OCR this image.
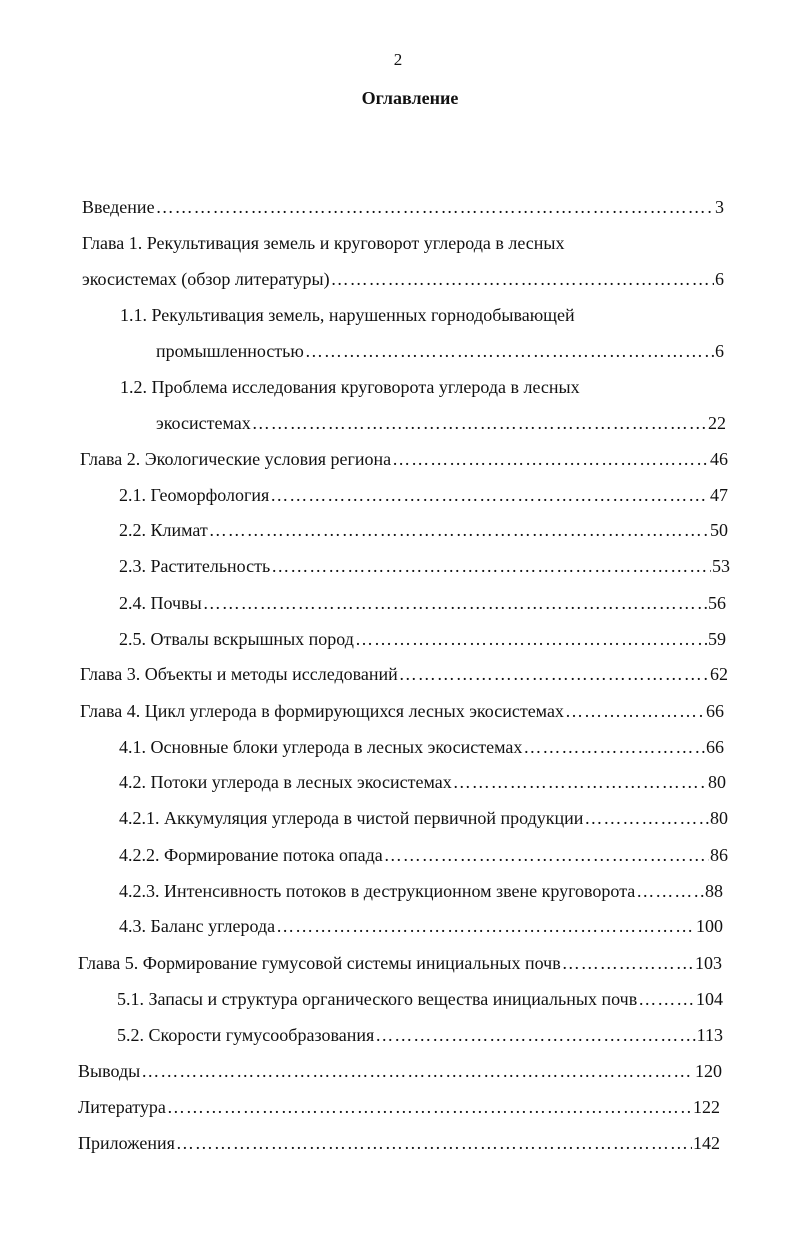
2
Оглавление
Введение ……………………………………………………………………………………………………………………………………………………………………………………	3
Глава 1. Рекультивация земель и круговорот углерода в лесных
экосистемах (обзор литературы) ……………………………………………………………………………………………………………………………………………………………………………………	6
1.1. Рекультивация земель, нарушенных горнодобывающей
промышленностью ……………………………………………………………………………………………………………………………………………………………………………………	6
1.2. Проблема исследования круговорота углерода в лесных
экосистемах ……………………………………………………………………………………………………………………………………………………………………………………	22
Глава 2. Экологические условия региона ……………………………………………………………………………………………………………………………………………………………………………………	46
2.1. Геоморфология ……………………………………………………………………………………………………………………………………………………………………………………	47
2.2. Климат ……………………………………………………………………………………………………………………………………………………………………………………	50
2.3. Растительность ……………………………………………………………………………………………………………………………………………………………………………………	53
2.4. Почвы ……………………………………………………………………………………………………………………………………………………………………………………	56
2.5. Отвалы вскрышных пород ……………………………………………………………………………………………………………………………………………………………………………………	59
Глава 3. Объекты и методы исследований ……………………………………………………………………………………………………………………………………………………………………………………	62
Глава 4. Цикл углерода в формирующихся лесных экосистемах ……………………………………………………………………………………………………………………………………………………………………………………	66
4.1. Основные блоки углерода в лесных экосистемах ……………………………………………………………………………………………………………………………………………………………………………………	66
4.2. Потоки углерода в лесных экосистемах ……………………………………………………………………………………………………………………………………………………………………………………	80
4.2.1. Аккумуляция углерода в чистой первичной продукции ……………………………………………………………………………………………………………………………………………………………………………………	80
4.2.2. Формирование потока опада ……………………………………………………………………………………………………………………………………………………………………………………	86
4.2.3. Интенсивность потоков в деструкционном звене круговорота ……………………………………………………………………………………………………………………………………………………………………………………	88
4.3. Баланс углерода ……………………………………………………………………………………………………………………………………………………………………………………	100
Глава 5. Формирование гумусовой системы инициальных почв ……………………………………………………………………………………………………………………………………………………………………………………	103
5.1. Запасы и структура органического вещества инициальных почв ……………………………………………………………………………………………………………………………………………………………………………………	104
5.2. Скорости гумусообразования ……………………………………………………………………………………………………………………………………………………………………………………	113
Выводы ……………………………………………………………………………………………………………………………………………………………………………………	120
Литература ……………………………………………………………………………………………………………………………………………………………………………………	122
Приложения ……………………………………………………………………………………………………………………………………………………………………………………	142
